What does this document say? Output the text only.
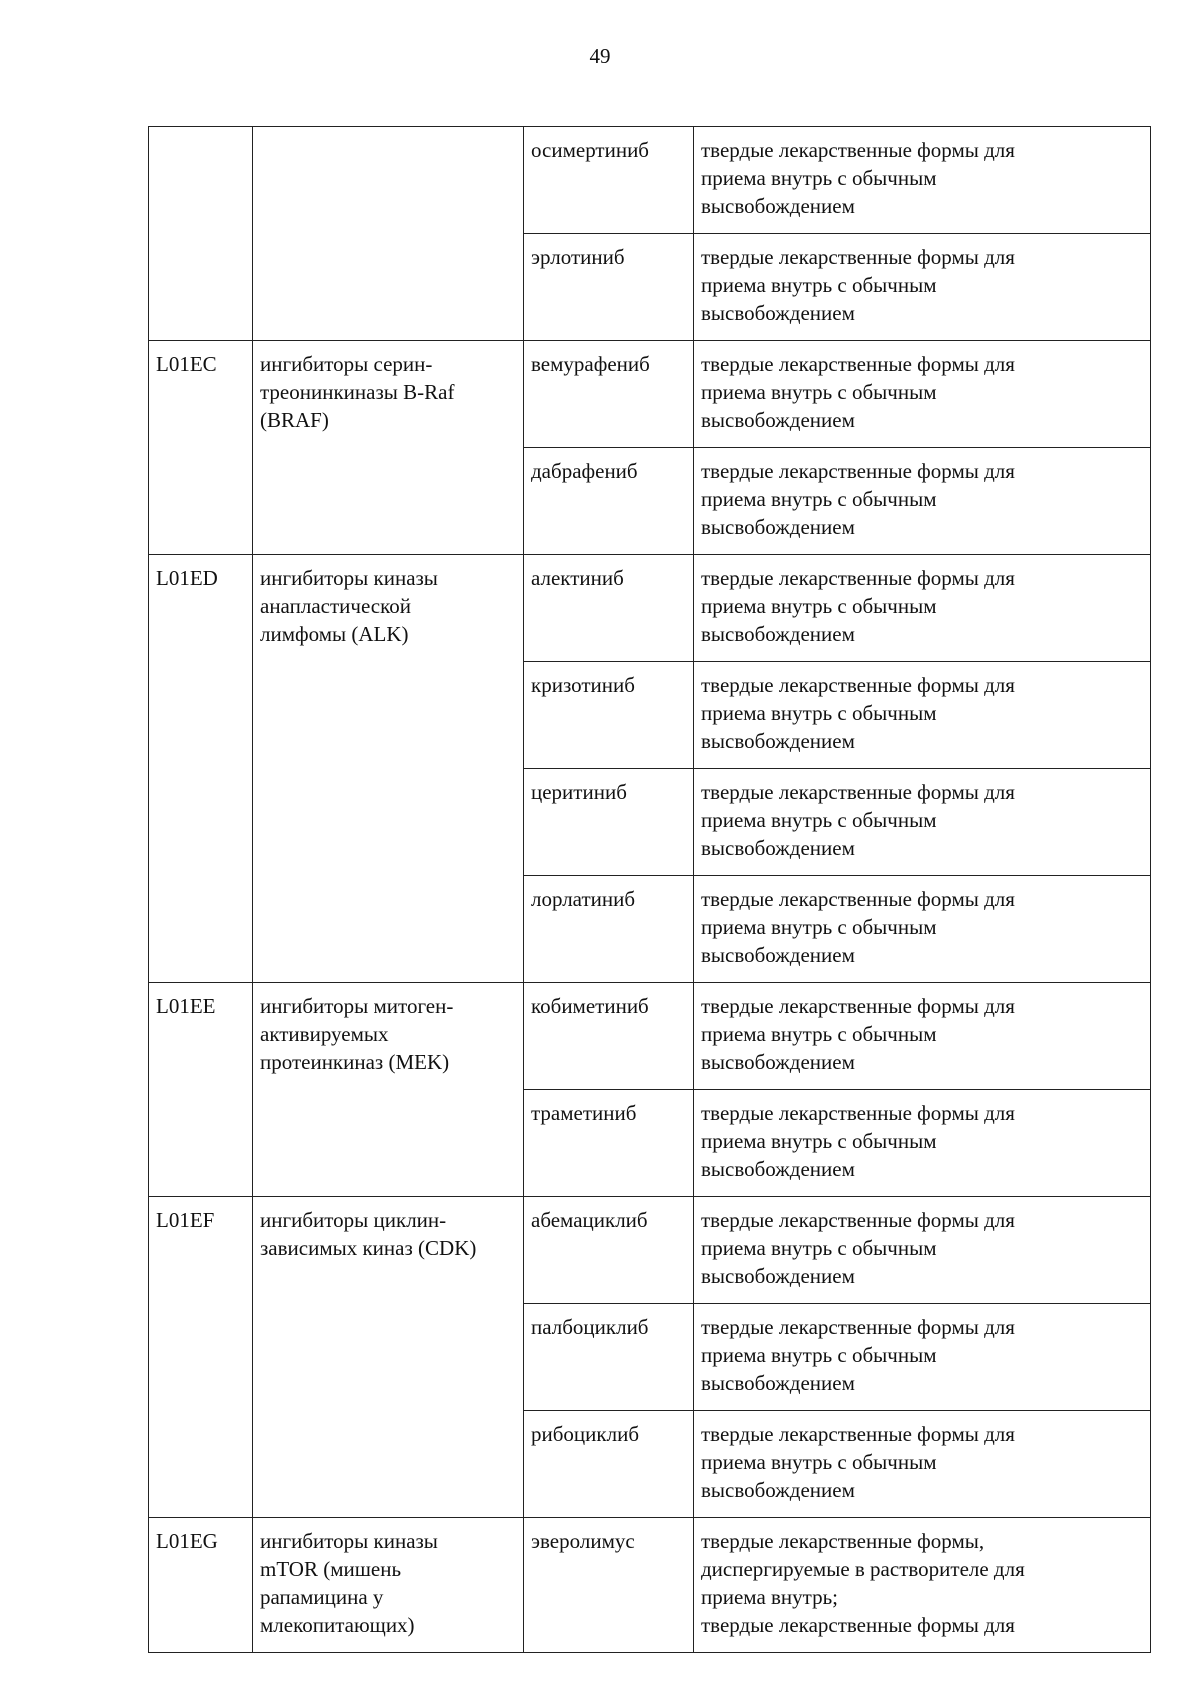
49

		осимертиниб	твердые лекарственные формы для
приема внутрь с обычным
высвобождением

		эрлотиниб	твердые лекарственные формы для
приема внутрь с обычным
высвобождением

L01EC	ингибиторы серин-
треонинкиназы B-Raf
(BRAF)	вемурафениб	твердые лекарственные формы для
приема внутрь с обычным
высвобождением

		дабрафениб	твердые лекарственные формы для
приема внутрь с обычным
высвобождением

L01ED	ингибиторы киназы
анапластической
лимфомы (ALK)	алектиниб	твердые лекарственные формы для
приема внутрь с обычным
высвобождением

		кризотиниб	твердые лекарственные формы для
приема внутрь с обычным
высвобождением

		церитиниб	твердые лекарственные формы для
приема внутрь с обычным
высвобождением

		лорлатиниб	твердые лекарственные формы для
приема внутрь с обычным
высвобождением

L01EE	ингибиторы митоген-
активируемых
протеинкиназ (MEK)	кобиметиниб	твердые лекарственные формы для
приема внутрь с обычным
высвобождением

		траметиниб	твердые лекарственные формы для
приема внутрь с обычным
высвобождением

L01EF	ингибиторы циклин-
зависимых киназ (CDK)	абемациклиб	твердые лекарственные формы для
приема внутрь с обычным
высвобождением

		палбоциклиб	твердые лекарственные формы для
приема внутрь с обычным
высвобождением

		рибоциклиб	твердые лекарственные формы для
приема внутрь с обычным
высвобождением

L01EG	ингибиторы киназы
mTOR (мишень
рапамицина у
млекопитающих)	эверолимус	твердые лекарственные формы,
диспергируемые в растворителе для
приема внутрь;
твердые лекарственные формы для
